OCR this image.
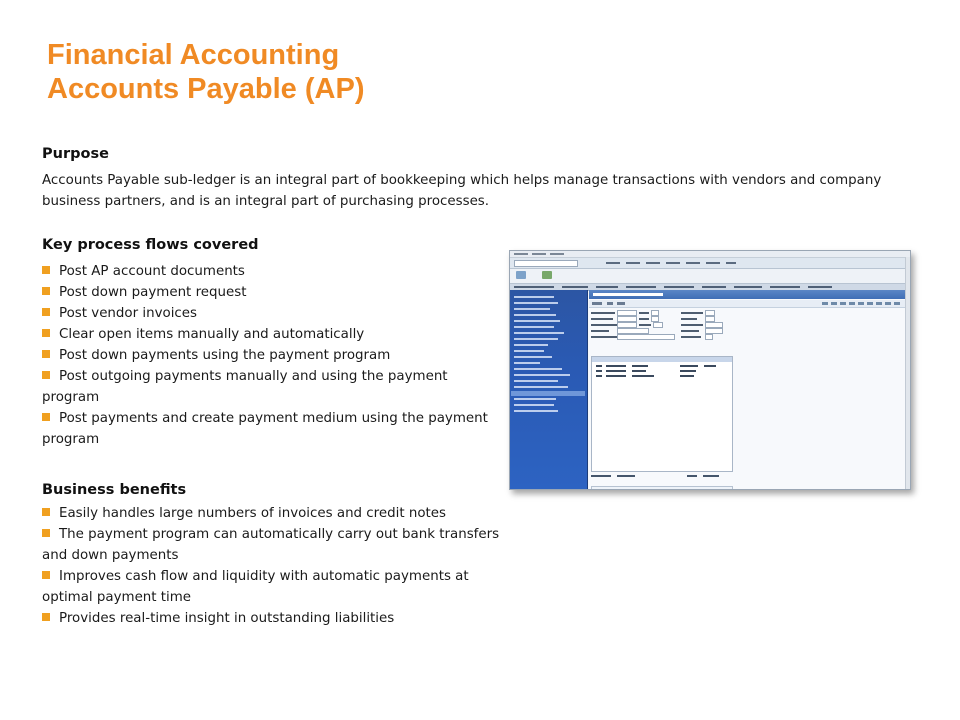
Financial Accounting
Accounts Payable (AP)
Purpose

Accounts Payable sub-ledger is an integral part of bookkeeping which helps manage transactions with vendors and company business partners, and is an integral part of purchasing processes.

Key process flows covered
Post AP account documents
Post down payment request
Post vendor invoices
Clear open items manually and automatically
Post down payments using the payment program
Post outgoing payments manually and using the payment program
Post payments and create payment medium using the payment program
Business benefits
Easily handles large numbers of invoices and credit notes
The payment program can automatically carry out bank transfers and down payments
Improves cash flow and liquidity with automatic payments at optimal payment time
Provides real-time insight in outstanding liabilities
